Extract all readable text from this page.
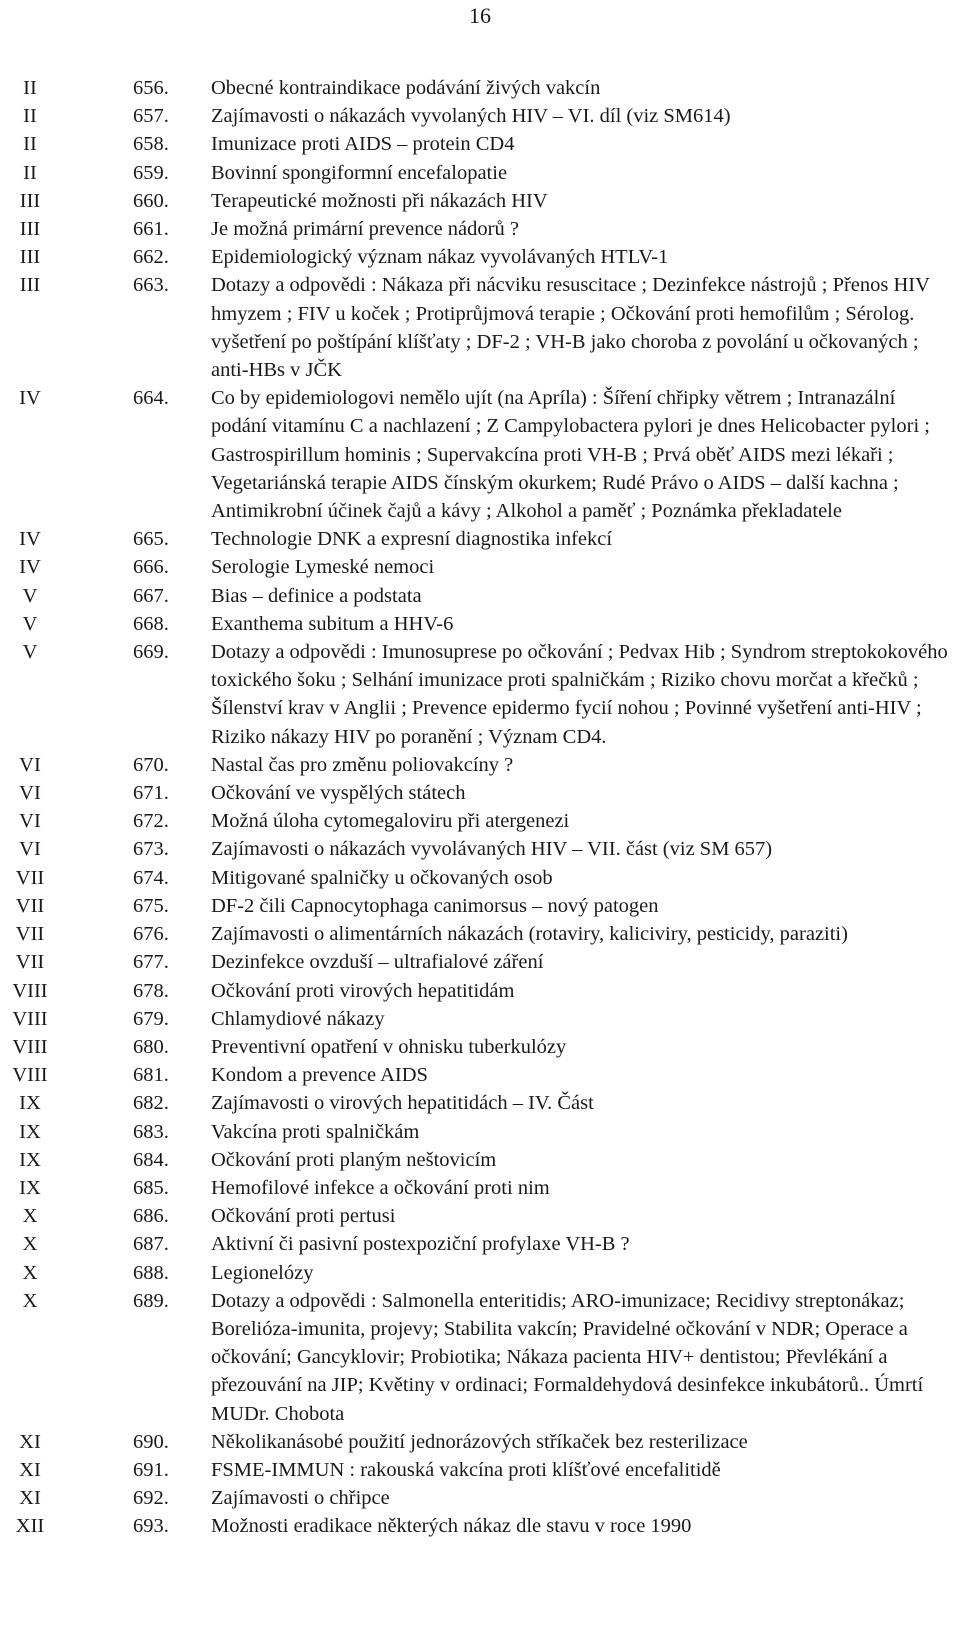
16
II	656.	Obecné kontraindikace podávání živých vakcín
II	657.	Zajímavosti o nákazách vyvolaných HIV – VI. díl (viz SM614)
II	658.	Imunizace proti AIDS – protein CD4
II	659.	Bovinní spongiformní encefalopatie
III	660.	Terapeutické možnosti při nákazách HIV
III	661.	Je možná primární prevence nádorů ?
III	662.	Epidemiologický význam nákaz vyvolávaných HTLV-1
III	663.	Dotazy a odpovědi : Nákaza při nácviku resuscitace ; Dezinfekce nástrojů ; Přenos HIV hmyzem ; FIV u koček ; Protiprůjmová terapie ; Očkování proti hemofilům ; Sérolog. vyšetření po poštípání klíšťaty ; DF-2 ; VH-B jako choroba z povolání u očkovaných ; anti-HBs v JČK
IV	664.	Co by epidemiologovi nemělo ujít (na Apríla) : Šíření chřipky větrem ; Intranazální podání vitamínu C a nachlazení ; Z Campylobactera pylori je dnes Helicobacter pylori ; Gastrospirillum hominis ; Supervakcína proti VH-B ; Prvá oběť AIDS mezi lékaři ; Vegetariánská terapie AIDS čínským okurkem; Rudé Právo o AIDS – další kachna ; Antimikrobní účinek čajů a kávy ; Alkohol a paměť ; Poznámka překladatele
IV	665.	Technologie DNK a expresní diagnostika infekcí
IV	666.	Serologie Lymeské nemoci
V	667.	Bias – definice a podstata
V	668.	Exanthema subitum a HHV-6
V	669.	Dotazy a odpovědi : Imunosuprese po očkování ; Pedvax Hib ; Syndrom streptokokového toxického šoku ; Selhání imunizace proti spalničkám ; Riziko chovu morčat a křečků ; Šílenství krav v Anglii ; Prevence epidermo fycií nohou ; Povinné vyšetření anti-HIV ; Riziko nákazy HIV po poranění ; Význam CD4.
VI	670.	Nastal čas pro změnu poliovakcíny ?
VI	671.	Očkování ve vyspělých státech
VI	672.	Možná úloha cytomegaloviru při atergenezi
VI	673.	Zajímavosti o nákazách vyvolávaných HIV – VII. část (viz SM 657)
VII	674.	Mitigované spalničky u očkovaných osob
VII	675.	DF-2 čili Capnocytophaga canimorsus – nový patogen
VII	676.	Zajímavosti o alimentárních nákazách (rotaviry, kaliciviry, pesticidy, paraziti)
VII	677.	Dezinfekce ovzduší – ultrafialové záření
VIII	678.	Očkování proti virových hepatitidám
VIII	679.	Chlamydiové nákazy
VIII	680.	Preventivní opatření v ohnisku tuberkulózy
VIII	681.	Kondom a prevence AIDS
IX	682.	Zajímavosti o virových hepatitidách – IV. Část
IX	683.	Vakcína proti spalničkám
IX	684.	Očkování proti planým neštovicím
IX	685.	Hemofilové infekce a očkování proti nim
X	686.	Očkování proti pertusi
X	687.	Aktivní či pasivní postexpoziční profylaxe VH-B ?
X	688.	Legionelózy
X	689.	Dotazy a odpovědi : Salmonella enteritidis; ARO-imunizace; Recidivy streptonákaz; Borelióza-imunita, projevy; Stabilita vakcín; Pravidelné očkování v NDR; Operace a očkování; Gancyklovir; Probiotika; Nákaza pacienta HIV+ dentistou; Převlékání a přezouvání na JIP; Květiny v ordinaci; Formaldehydová desinfekce inkubátorů.. Úmrtí MUDr. Chobota
XI	690.	Několikanásobé použití jednorázových stříkaček bez resterilizace
XI	691.	FSME-IMMUN : rakouská vakcína proti klíšťové encefalitidě
XI	692.	Zajímavosti o chřipce
XII	693.	Možnosti eradikace některých nákaz dle stavu v roce 1990
